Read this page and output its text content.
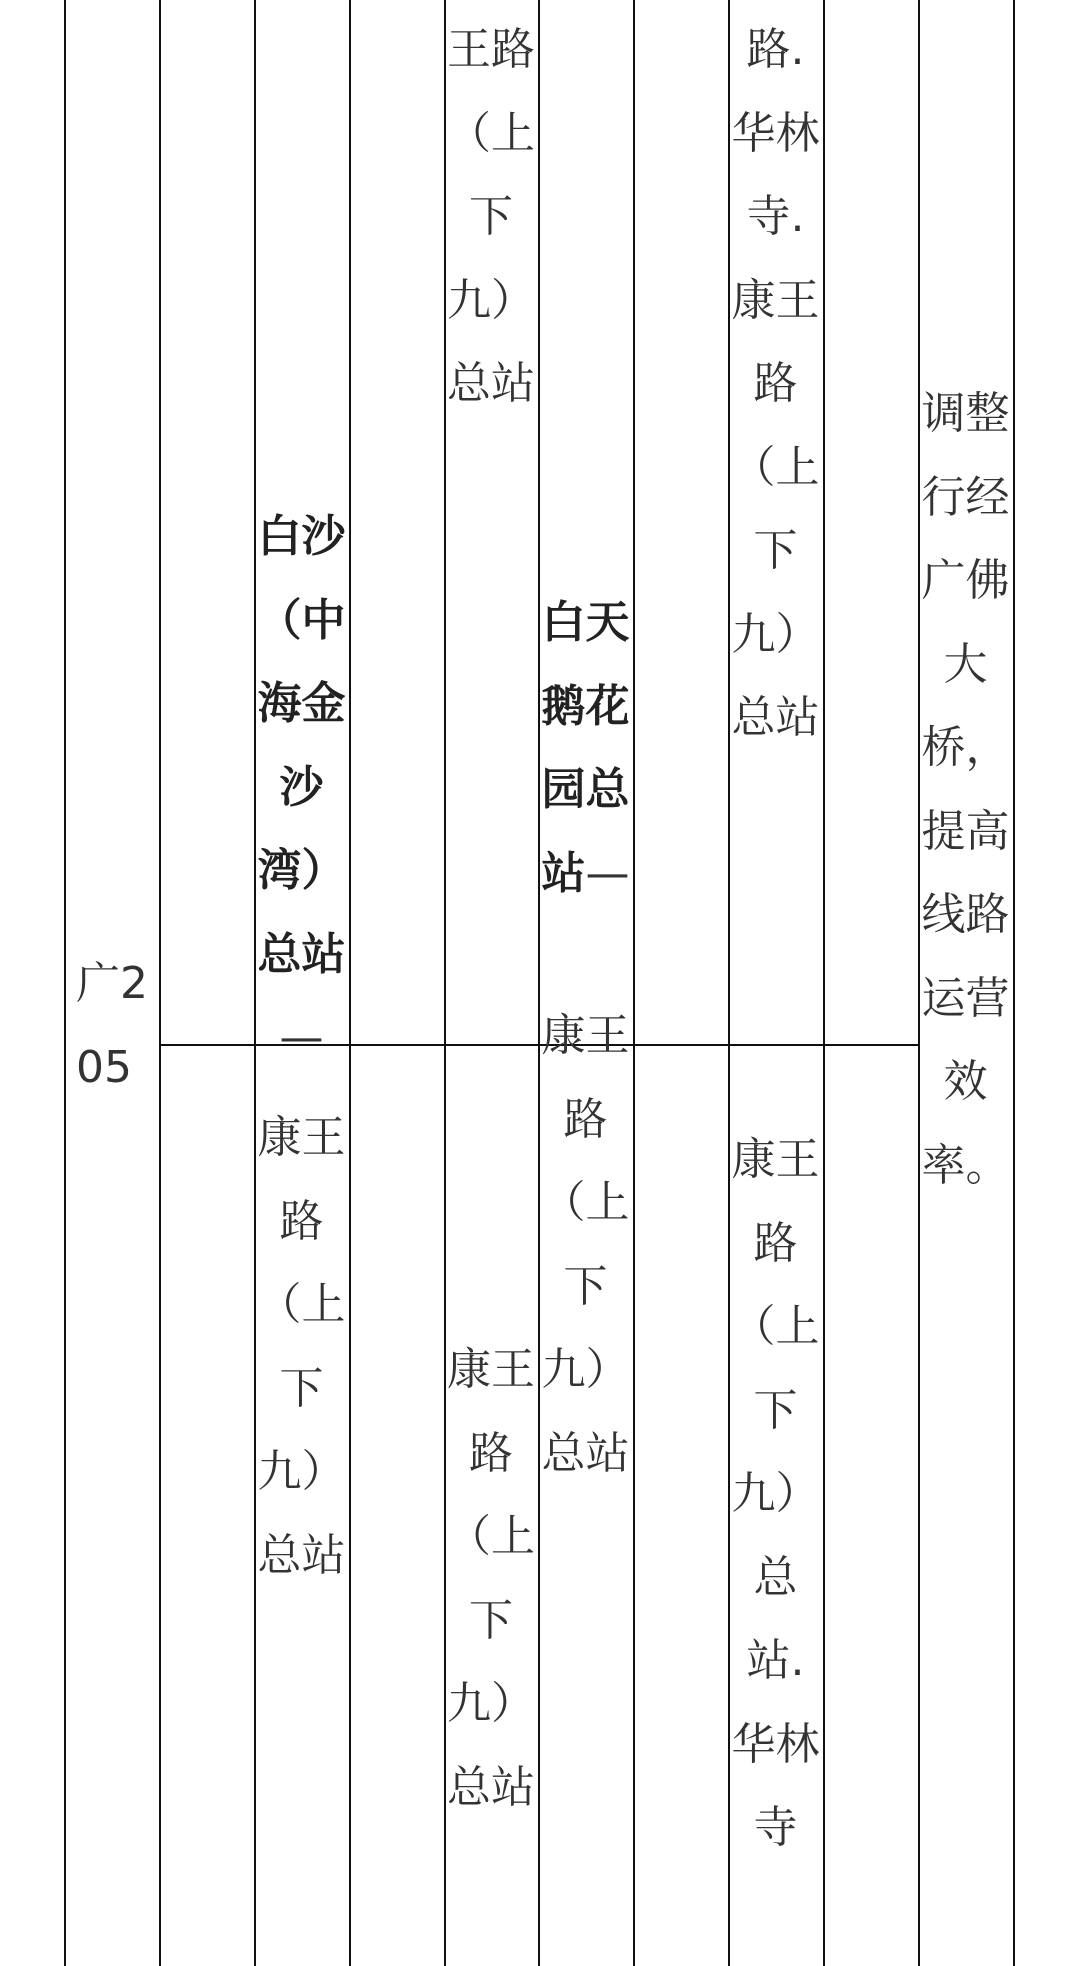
广2
05

白沙（中海金沙湾）总站—

康王路（上下九）总站
王路（上下九）总站
康王路（上下九）总站

白天鹅花园总站—

康王路（上下九）总站
路.华林寺.康王路（上下九）总站
康王路（上下九）总站.华林寺
调整行经广佛大桥，提高线路运营效率。
